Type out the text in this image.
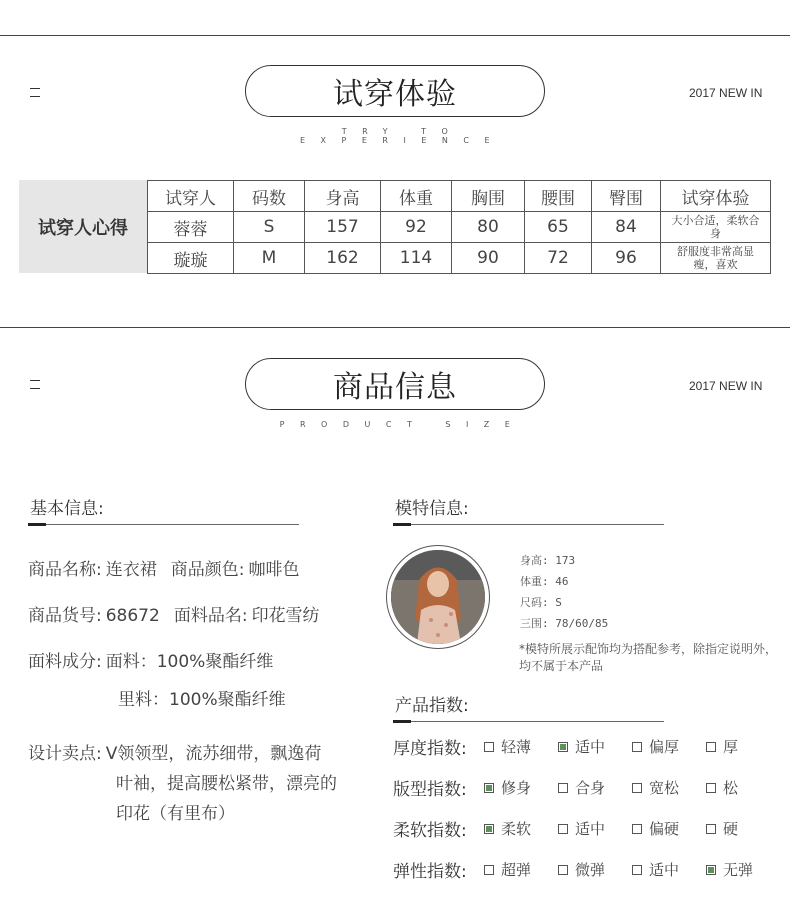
试穿体验
TRY TO EXPERIENCE
2017 NEW IN
试穿人心得
试穿人	码数	身高	体重	胸围	腰围	臀围	试穿体验
蓉蓉	S	157	92	80	65	84	大小合适，柔软合身
璇璇	M	162	114	90	72	96	舒服度非常高显瘦，喜欢
商品信息
PRODUCT SIZE
2017 NEW IN
基本信息:
商品名称: 连衣裙 商品颜色: 咖啡色
商品货号: 68672 面料品名: 印花雪纺
面料成分: 面料：100%聚酯纤维
里料：100%聚酯纤维
设计卖点: V领领型，流苏细带，飘逸荷
叶袖，提高腰松紧带，漂亮的
印花（有里布）
模特信息:
身高: 173
体重: 46
尺码: S
三围: 78/60/85
*模特所展示配饰均为搭配参考，除指定说明外，均不属于本产品
产品指数:
厚度指数: 轻薄	适中	偏厚	厚
版型指数: 修身	合身	宽松	松
柔软指数: 柔软	适中	偏硬	硬
弹性指数: 超弹	微弹	适中	无弹
